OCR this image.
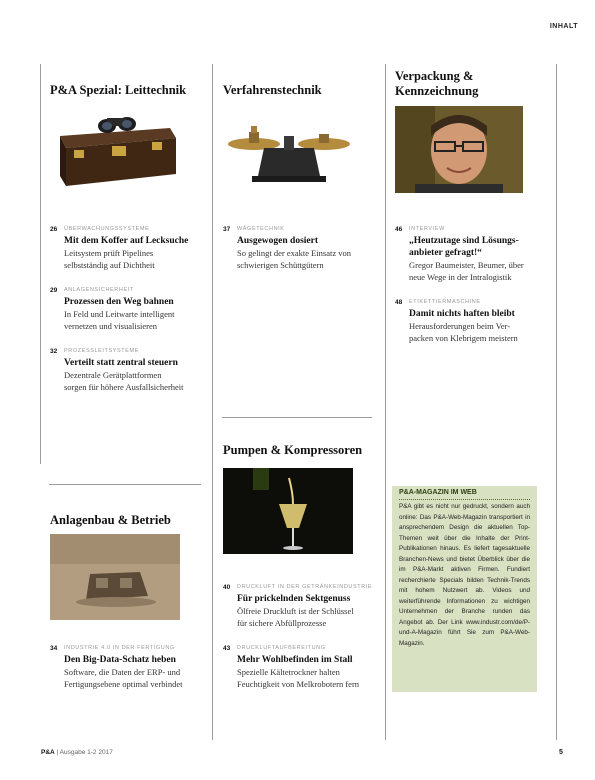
INHALT
P&A Spezial: Leittechnik	Verfahrenstechnik
Verpackung &
Kennzeichnung
Pumpen & Kompressoren
Anlagenbau & Betrieb
26 ÜBERWACHUNGSSYSTEME
Mit dem Koffer auf Lecksuche
Leitsystem prüft Pipelines
selbstständig auf Dichtheit
29 ANLAGENSICHERHEIT
Prozessen den Weg bahnen
In Feld und Leitwarte intelligent
vernetzen und visualisieren
32 PROZESSLEITSYSTEME
Verteilt statt zentral steuern
Dezentrale Gerätplattformen
sorgen für höhere Ausfallsicherheit
37 WÄGETECHNIK
Ausgewogen dosiert
So gelingt der exakte Einsatz von
schwierigen Schüttgütern
46 INTERVIEW
„Heutzutage sind Lösungs-
anbieter gefragt!“
Gregor Baumeister, Beumer, über
neue Wege in der Intralogistik
48 ETIKETTIERMASCHINE
Damit nichts haften bleibt
Herausforderungen beim Ver-
packen von Klebrigem meistern
40 DRUCKLUFT IN DER GETRÄNKEINDUSTRIE
Für prickelnden Sektgenuss
Ölfreie Druckluft ist der Schlüssel
für sichere Abfüllprozesse
43 DRUCKLUFTAUFBEREITUNG
Mehr Wohlbefinden im Stall
Spezielle Kältetrockner halten
Feuchtigkeit von Melkrobotern fern
34 INDUSTRIE 4.0 IN DER FERTIGUNG
Den Big-Data-Schatz heben
Software, die Daten der ERP- und
Fertigungsebene optimal verbindet
P&A-MAGAZIN IM WEB
P&A gibt es nicht nur gedruckt, sondern auch online: Das P&A-Web-Magazin transportiert in ansprechendem Design die aktuellen Top-Themen weit über die Inhalte der Print-Publikationen hinaus. Es liefert tagesaktuelle Branchen-News und bietet Überblick über die im P&A-Markt aktiven Firmen. Fundiert recherchierte Specials bilden Technik-Trends mit hohem Nutzwert ab. Videos und weiterführende Informationen zu wichtigen Unternehmen der Branche runden das Angebot ab. Der Link www.industr.com/de/P-und-A-Magazin führt Sie zum P&A-Web-Magazin.
P&A | Ausgabe 1-2 2017	5
